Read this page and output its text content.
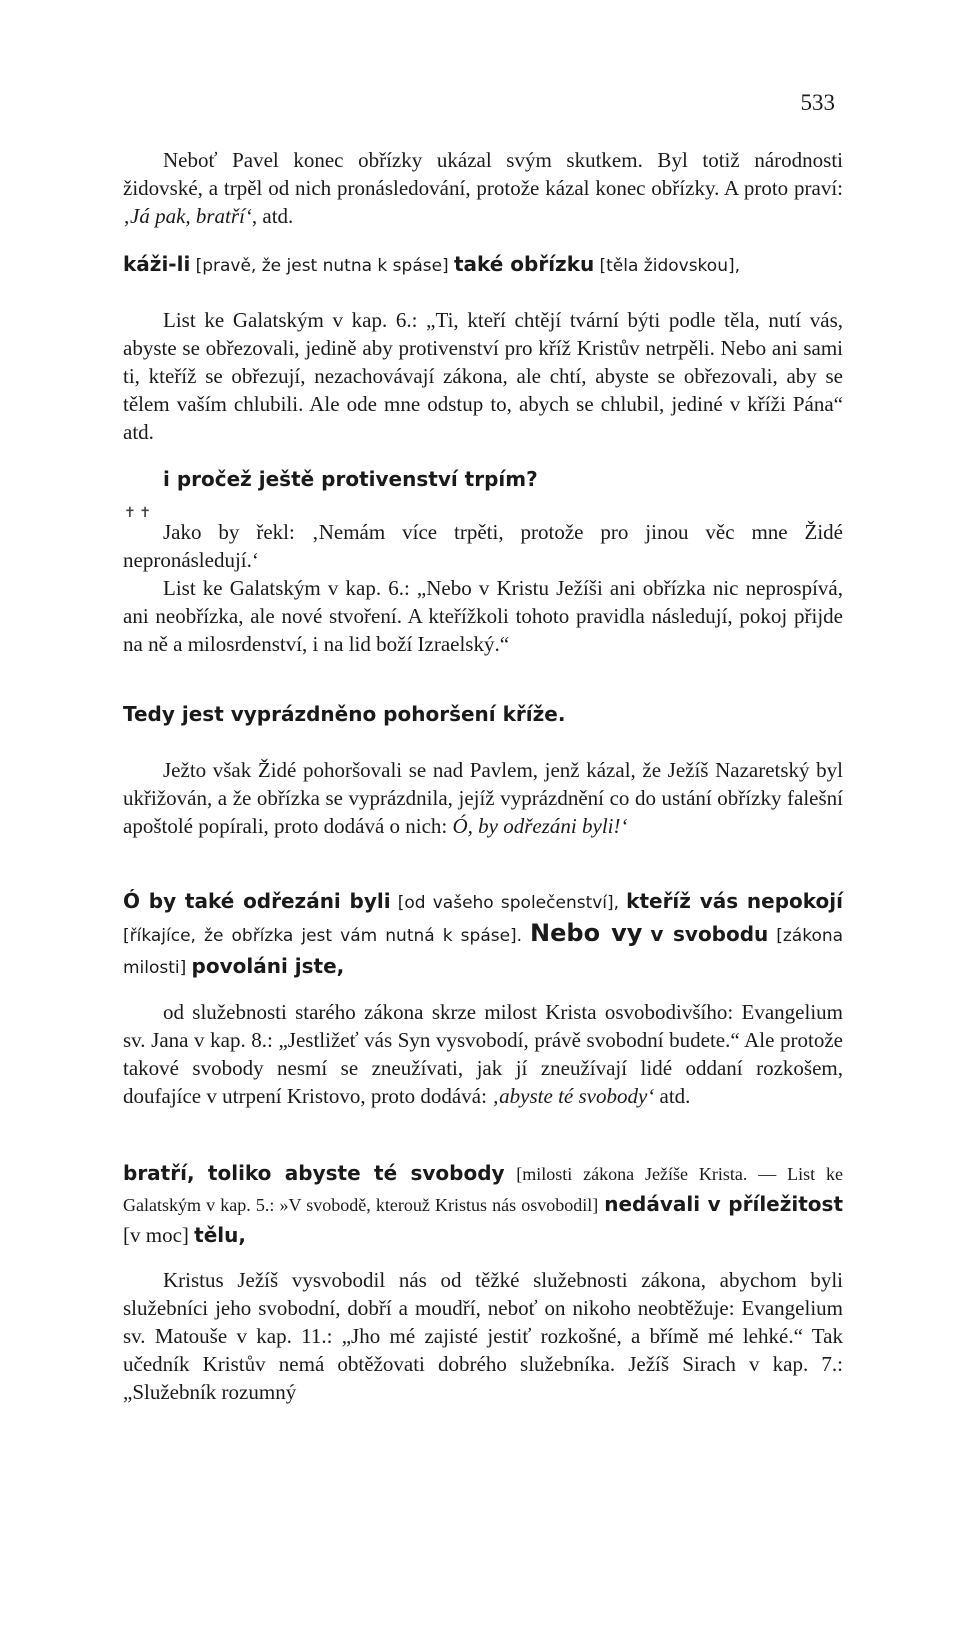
533
Neboť Pavel konec obřízky ukázal svým skutkem. Byl totiž národnosti židovské, a trpěl od nich pronásledování, protože kázal konec obřízky. A proto praví: ‚Já pak, bratří‘, atd.
káži-li [pravě, že jest nutna k spáse] také obřízku [těla židovskou],
List ke Galatským v kap. 6.: „Ti, kteří chtějí tvární býti podle těla, nutí vás, abyste se obřezovali, jedině aby protivenství pro kříž Kristův netrpěli. Nebo ani sami ti, kteříž se obřezují, nezachovávají zákona, ale chtí, abyste se obřezovali, aby se tělem vaším chlubili. Ale ode mne odstup to, abych se chlubil, jediné v kříži Pána“ atd.
i pročež ještě protivenství trpím?
✝ ✝
Jako by řekl: ‚Nemám více trpěti, protože pro jinou věc mne Židé nepronásledují.‘
List ke Galatským v kap. 6.: „Nebo v Kristu Ježíši ani obřízka nic neprospívá, ani neobřízka, ale nové stvoření. A kteřížkoli tohoto pravidla následují, pokoj přijde na ně a milosrdenství, i na lid boží Izraelský.“
Tedy jest vyprázdněno pohoršení kříže.
Ježto však Židé pohoršovali se nad Pavlem, jenž kázal, že Ježíš Nazaretský byl ukřižován, a že obřízka se vyprázdnila, jejíž vyprázdnění co do ustání obřízky falešní apoštolé popírali, proto dodává o nich: Ó, by odřezáni byli!‘
Ó by také odřezáni byli [od vašeho společenství], kteříž vás nepokojí [říkajíce, že obřízka jest vám nutná k spáse]. Nebo vy v svobodu [zákona milosti] povoláni jste,
od služebnosti starého zákona skrze milost Krista osvobodivšího: Evangelium sv. Jana v kap. 8.: „Jestližeť vás Syn vysvobodí, právě svobodní budete.“ Ale protože takové svobody nesmí se zneužívati, jak jí zneužívají lidé oddaní rozkošem, doufajíce v utrpení Kristovo, proto dodává: ‚abyste té svobody‘ atd.
bratří, toliko abyste té svobody [milosti zákona Ježíše Krista. — List ke Galatským v kap. 5.: »V svobodě, kterouž Kristus nás osvobodil] nedávali v příležitost [v moc] tělu,
Kristus Ježíš vysvobodil nás od těžké služebnosti zákona, abychom byli služebníci jeho svobodní, dobří a moudří, neboť on nikoho neobtěžuje: Evangelium sv. Matouše v kap. 11.: „Jho mé zajisté jestiť rozkošné, a břímě mé lehké.“ Tak učedník Kristův nemá obtěžovati dobrého služebníka. Ježíš Sirach v kap. 7.: „Služebník rozumný
